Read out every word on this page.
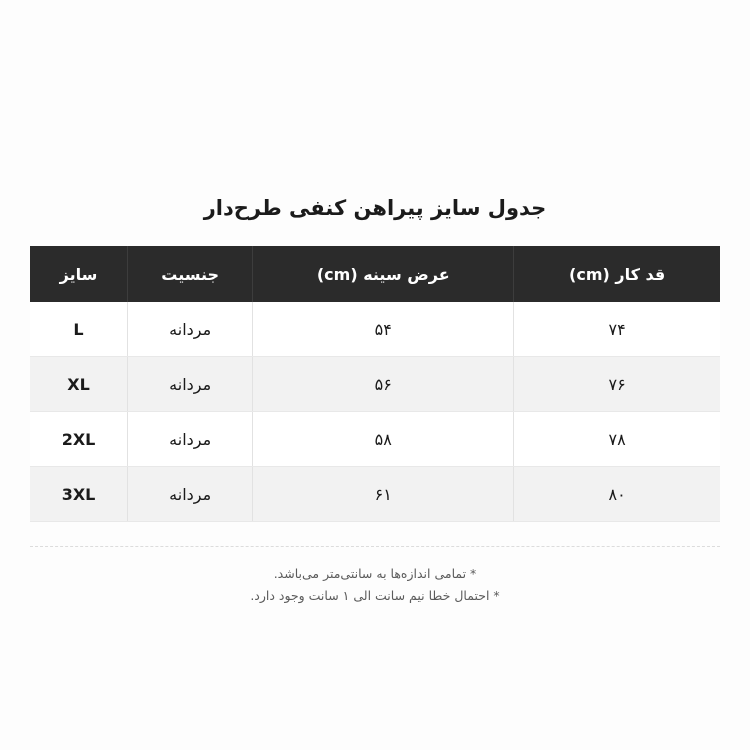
جدول سایز پیراهن کنفی طرح‌دار
قد کار (cm)	عرض سینه (cm)	جنسیت	سایز
۷۴	۵۴	مردانه	L
۷۶	۵۶	مردانه	XL
۷۸	۵۸	مردانه	2XL
۸۰	۶۱	مردانه	3XL
* تمامی اندازه‌ها به سانتی‌متر می‌باشد.
* احتمال خطا نیم سانت الی ۱ سانت وجود دارد.
